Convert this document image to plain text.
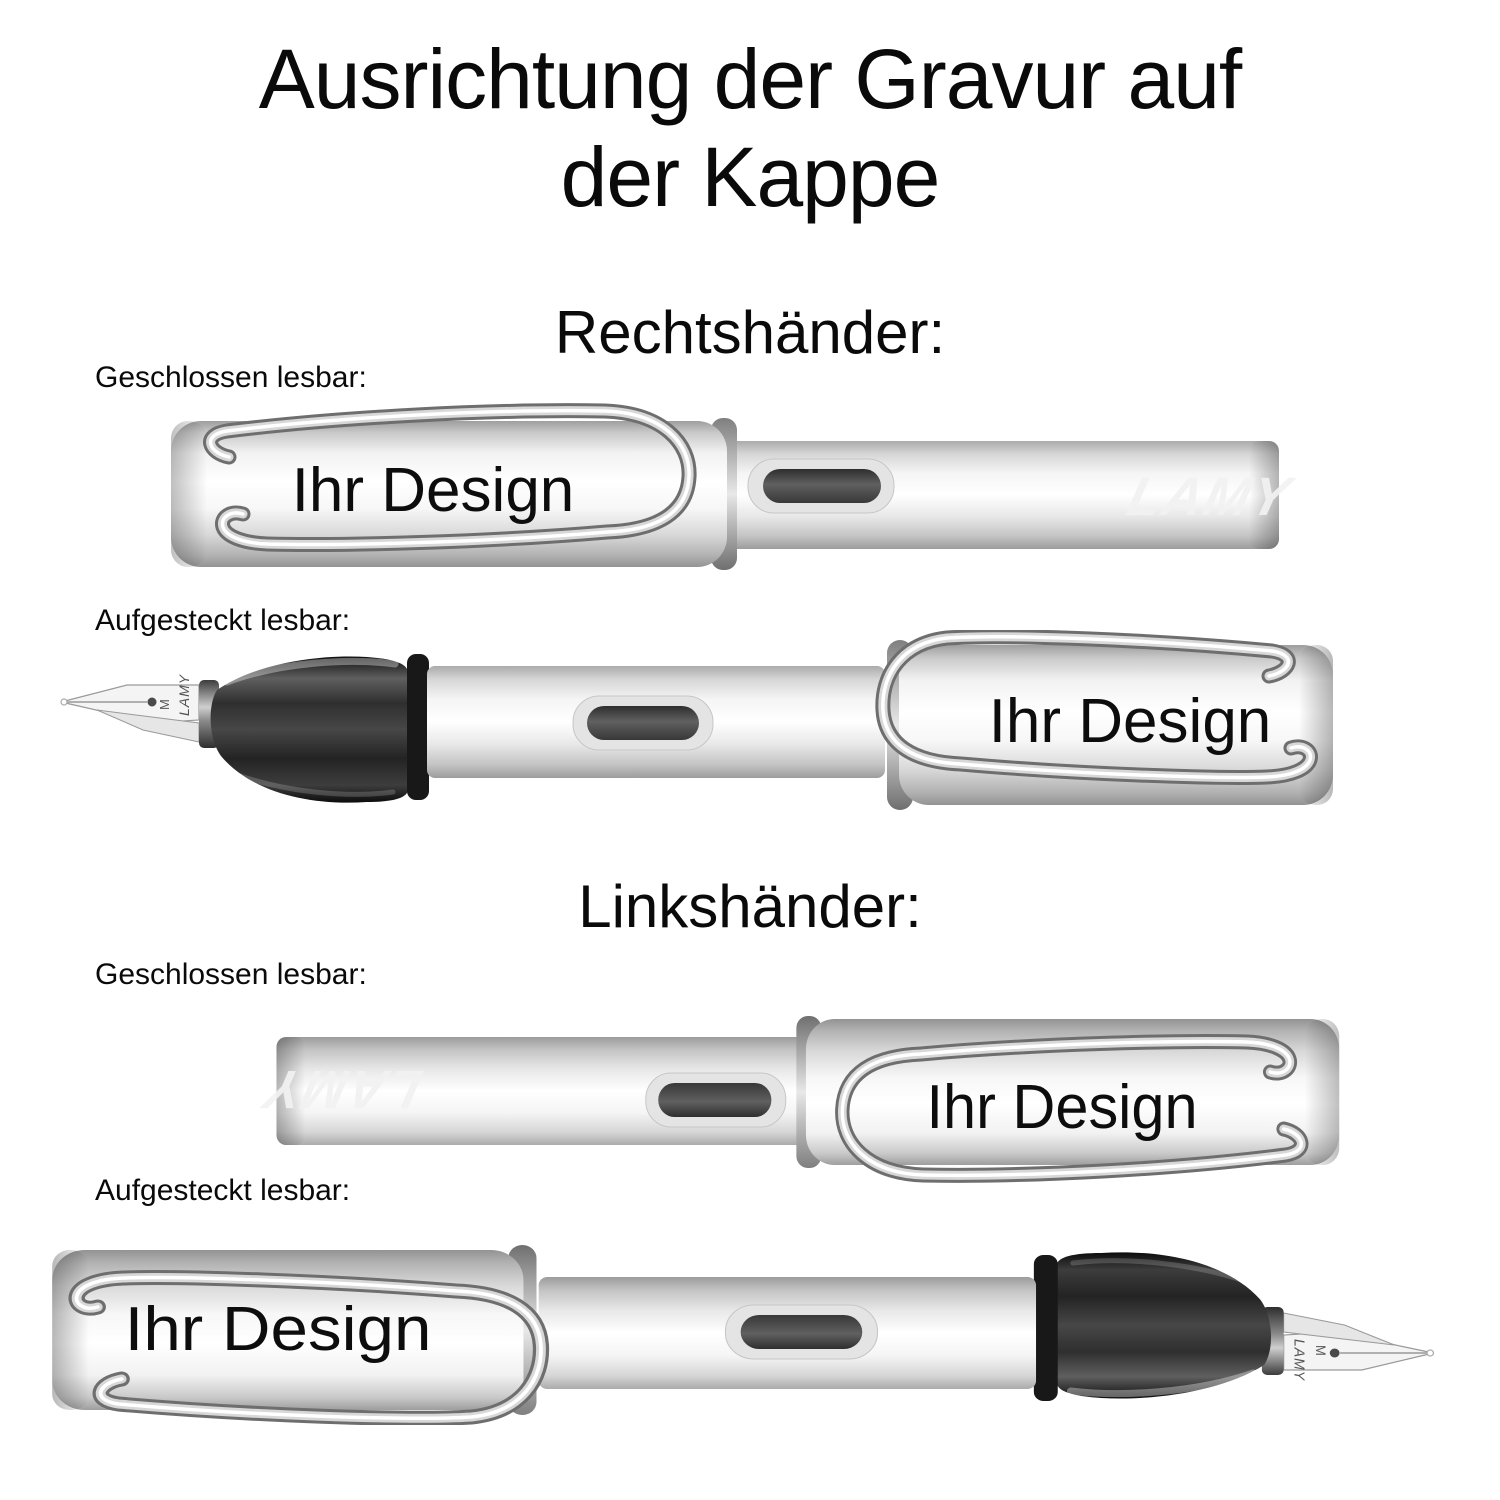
Ausrichtung der Gravur auf
der Kappe
Rechtshänder:
Geschlossen lesbar:
LAMY
Ihr Design
Aufgesteckt lesbar:
M LAMY	Ihr Design
Linkshänder:
Geschlossen lesbar:
LAMY	Ihr Design
Aufgesteckt lesbar:
M
LAMY
Ihr Design
